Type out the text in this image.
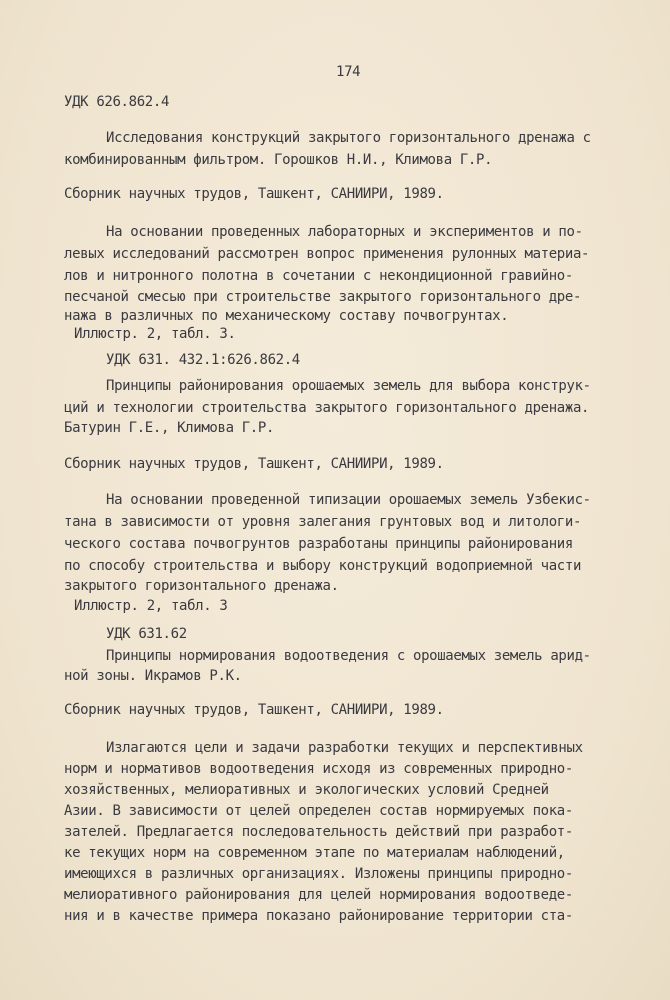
174
УДК 626.862.4
Исследования конструкций закрытого горизонтального дренажа с
комбинированным фильтром. Горошков Н.И., Климова Г.Р.
Сборник научных трудов, Ташкент, САНИИРИ, 1989.
На основании проведенных лабораторных и экспериментов и по-
левых исследований рассмотрен вопрос применения рулонных материа-
лов и нитронного полотна в сочетании с некондиционной гравийно-
песчаной смесью при строительстве закрытого горизонтального дре-
нажа в различных по механическому составу почвогрунтах.
Иллюстр. 2, табл. 3.
УДК 631. 432.1:626.862.4
Принципы районирования орошаемых земель для выбора конструк-
ций и технологии строительства закрытого горизонтального дренажа.
Батурин Г.Е., Климова Г.Р.
Сборник научных трудов, Ташкент, САНИИРИ, 1989.
На основании проведенной типизации орошаемых земель Узбекис-
тана в зависимости от уровня залегания грунтовых вод и литологи-
ческого состава почвогрунтов разработаны принципы районирования
по способу строительства и выбору конструкций водоприемной части
закрытого горизонтального дренажа.
Иллюстр. 2, табл. 3
УДК 631.62
Принципы нормирования водоотведения с орошаемых земель арид-
ной зоны. Икрамов Р.К.
Сборник научных трудов, Ташкент, САНИИРИ, 1989.
Излагаются цели и задачи разработки текущих и перспективных
норм и нормативов водоотведения исходя из современных природно-
хозяйственных, мелиоративных и экологических условий Средней
Азии. В зависимости от целей определен состав нормируемых пока-
зателей. Предлагается последовательность действий при разработ-
ке текущих норм на современном этапе по материалам наблюдений,
имеющихся в различных организациях. Изложены принципы природно-
мелиоративного районирования для целей нормирования водоотведе-
ния и в качестве примера показано районирование территории ста-
